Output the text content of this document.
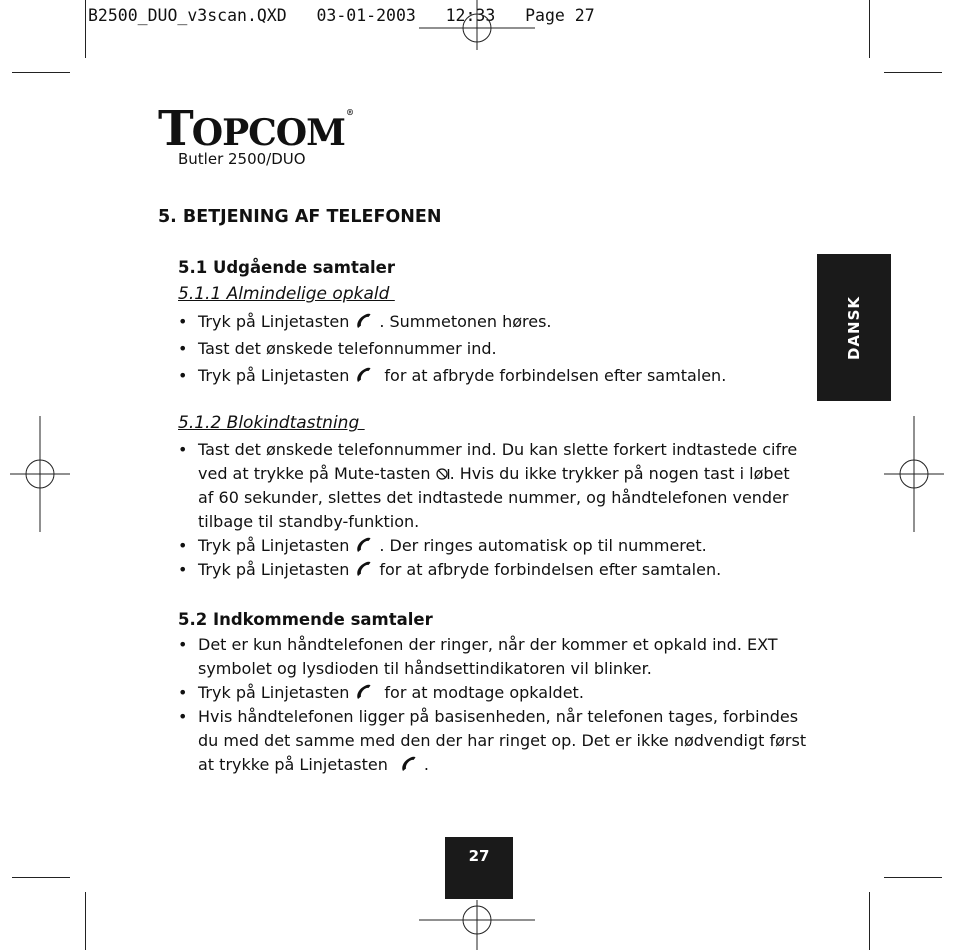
B2500_DUO_v3scan.QXD   03-01-2003   12:33   Page 27
TOPCOM®
Butler 2500/DUO
5. BETJENING AF TELEFONEN
5.1 Udgående samtaler
5.1.1 Almindelige opkald
• Tryk på Linjetasten . Summetonen høres.
• Tast det ønskede telefonnummer ind.
• Tryk på Linjetasten
for at afbryde forbindelsen efter samtalen.
5.1.2 Blokindtastning
• Tast det ønskede telefonnummer ind. Du kan slette forkert indtastede cifre ved at trykke på Mute-tasten . Hvis du ikke trykker på nogen tast i løbet af 60 sekunder, slettes det indtastede nummer, og håndtelefonen vender tilbage til standby-funktion.
• Tryk på Linjetasten . Der ringes automatisk op til nummeret.
• Tryk på Linjetasten for at afbryde forbindelsen efter samtalen.
5.2 Indkommende samtaler
• Det er kun håndtelefonen der ringer, når der kommer et opkald ind. EXT symbolet og lysdioden til håndsettindikatoren vil blinker.
• Tryk på Linjetasten
for at modtage opkaldet.
• Hvis håndtelefonen ligger på basisenheden, når telefonen tages, forbindes du med det samme med den der har ringet op. Det er ikke nødvendigt først at trykke på Linjetasten .
DANSK
27
